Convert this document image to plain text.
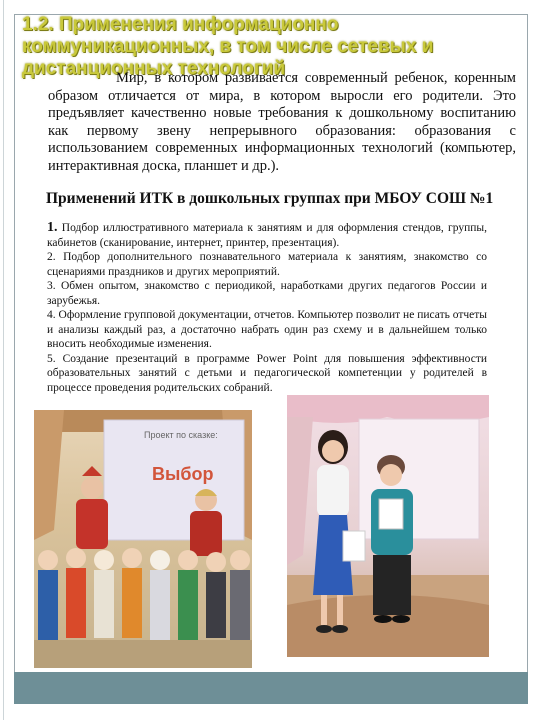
1.2. Применения информационно коммуникационных, в том числе сетевых и дистанционных технологий

Мир, в котором развивается современный ребенок, коренным образом отличается от мира, в котором выросли его родители. Это предъявляет качественно новые требования к дошкольному воспитанию как первому звену непрерывного образования: образования с использованием современных информационных технологий (компьютер, интерактивная доска, планшет и др.).

Применений ИТК в дошкольных группах при МБОУ СОШ №1
1. Подбор иллюстративного материала к занятиям и для оформления стендов, группы, кабинетов (сканирование, интернет, принтер, презентация).
2. Подбор дополнительного познавательного материала к занятиям, знакомство со сценариями праздников и других мероприятий.
3. Обмен опытом, знакомство с периодикой, наработками других педагогов России и зарубежья.
4. Оформление групповой документации, отчетов. Компьютер позволит не писать отчеты и анализы каждый раз, а достаточно набрать один раз схему и в дальнейшем только вносить необходимые изменения.
5. Создание презентаций в программе Power Point для повышения эффективности образовательных занятий с детьми и педагогической компетенции у родителей в процессе проведения родительских собраний.
Проект по сказке:
Выбор
